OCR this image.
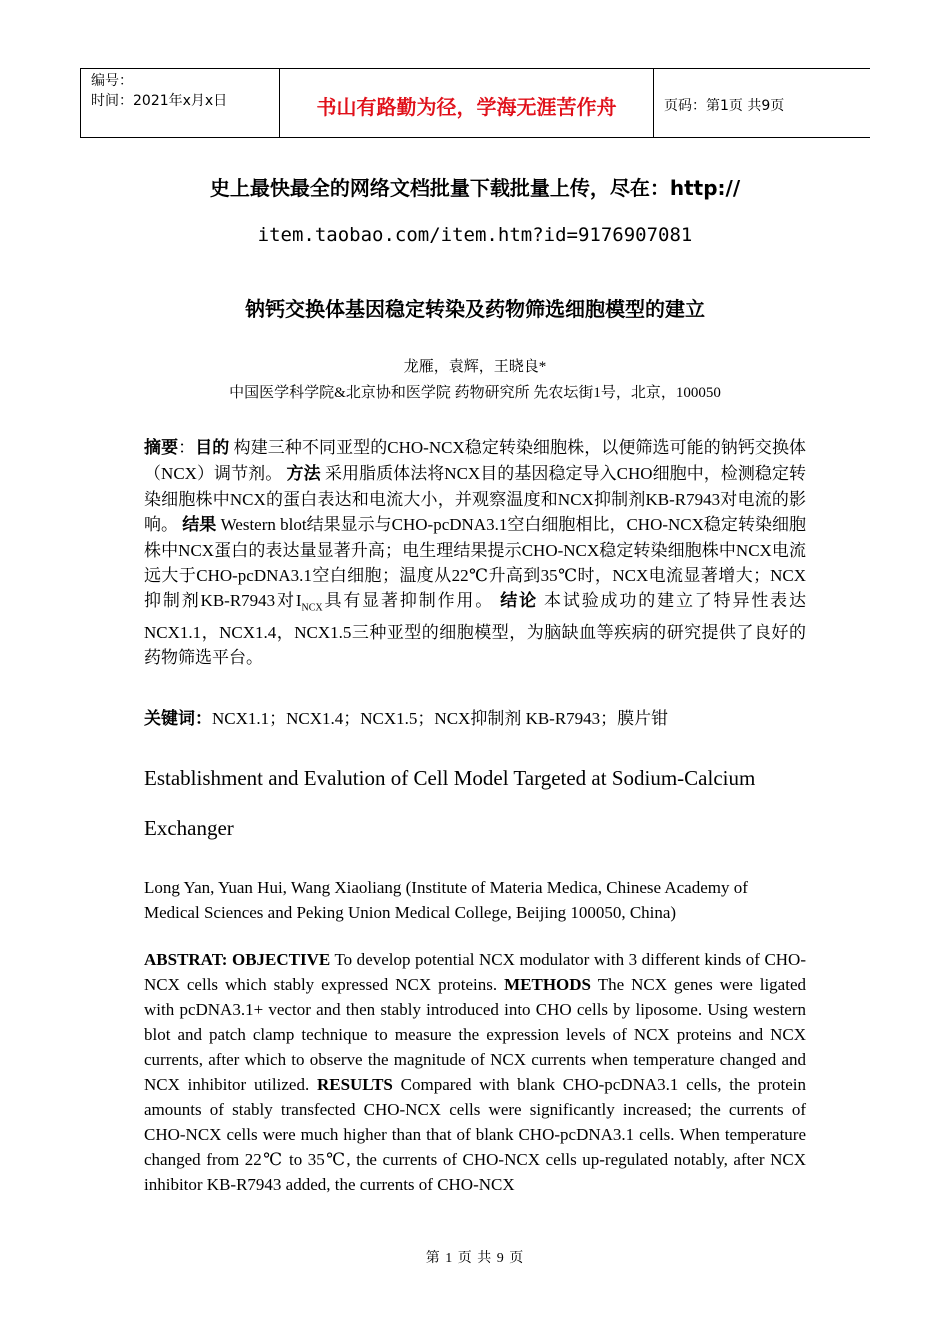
编号：
时间：2021年x月x日	书山有路勤为径，学海无涯苦作舟	页码：第1页 共9页
史上最快最全的网络文档批量下载批量上传，尽在：http://
item.taobao.com/item.htm?id=9176907081
钠钙交换体基因稳定转染及药物筛选细胞模型的建立
龙雁，袁辉，王晓良*
中国医学科学院&北京协和医学院 药物研究所 先农坛街1号，北京，100050
摘要：目的 构建三种不同亚型的CHO-NCX稳定转染细胞株，以便筛选可能的钠钙交换体（NCX）调节剂。 方法 采用脂质体法将NCX目的基因稳定导入CHO细胞中，检测稳定转染细胞株中NCX的蛋白表达和电流大小，并观察温度和NCX抑制剂KB-R7943对电流的影响。 结果 Western blot结果显示与CHO-pcDNA3.1空白细胞相比，CHO-NCX稳定转染细胞株中NCX蛋白的表达量显著升高；电生理结果提示CHO-NCX稳定转染细胞株中NCX电流远大于CHO-pcDNA3.1空白细胞；温度从22℃升高到35℃时，NCX电流显著增大；NCX抑制剂KB-R7943对$I_{NCX}$具有显著抑制作用。 结论 本试验成功的建立了特异性表达NCX1.1，NCX1.4，NCX1.5三种亚型的细胞模型，为脑缺血等疾病的研究提供了良好的药物筛选平台。
关键词：NCX1.1；NCX1.4；NCX1.5；NCX抑制剂 KB-R7943；膜片钳
Establishment and Evalution of Cell Model Targeted at Sodium-Calcium
Exchanger
Long Yan, Yuan Hui, Wang Xiaoliang (Institute of Materia Medica, Chinese Academy of Medical Sciences and Peking Union Medical College, Beijing 100050, China)
ABSTRAT: OBJECTIVE To develop potential NCX modulator with 3 different kinds of CHO-NCX cells which stably expressed NCX proteins. METHODS The NCX genes were ligated with pcDNA3.1+ vector and then stably introduced into CHO cells by liposome. Using western blot and patch clamp technique to measure the expression levels of NCX proteins and NCX currents, after which to observe the magnitude of NCX currents when temperature changed and NCX inhibitor utilized. RESULTS Compared with blank CHO-pcDNA3.1 cells, the protein amounts of stably transfected CHO-NCX cells were significantly increased; the currents of CHO-NCX cells were much higher than that of blank CHO-pcDNA3.1 cells. When temperature changed from 22℃ to 35℃, the currents of CHO-NCX cells up-regulated notably, after NCX inhibitor KB-R7943 added, the currents of CHO-NCX
第 1 页 共 9 页
